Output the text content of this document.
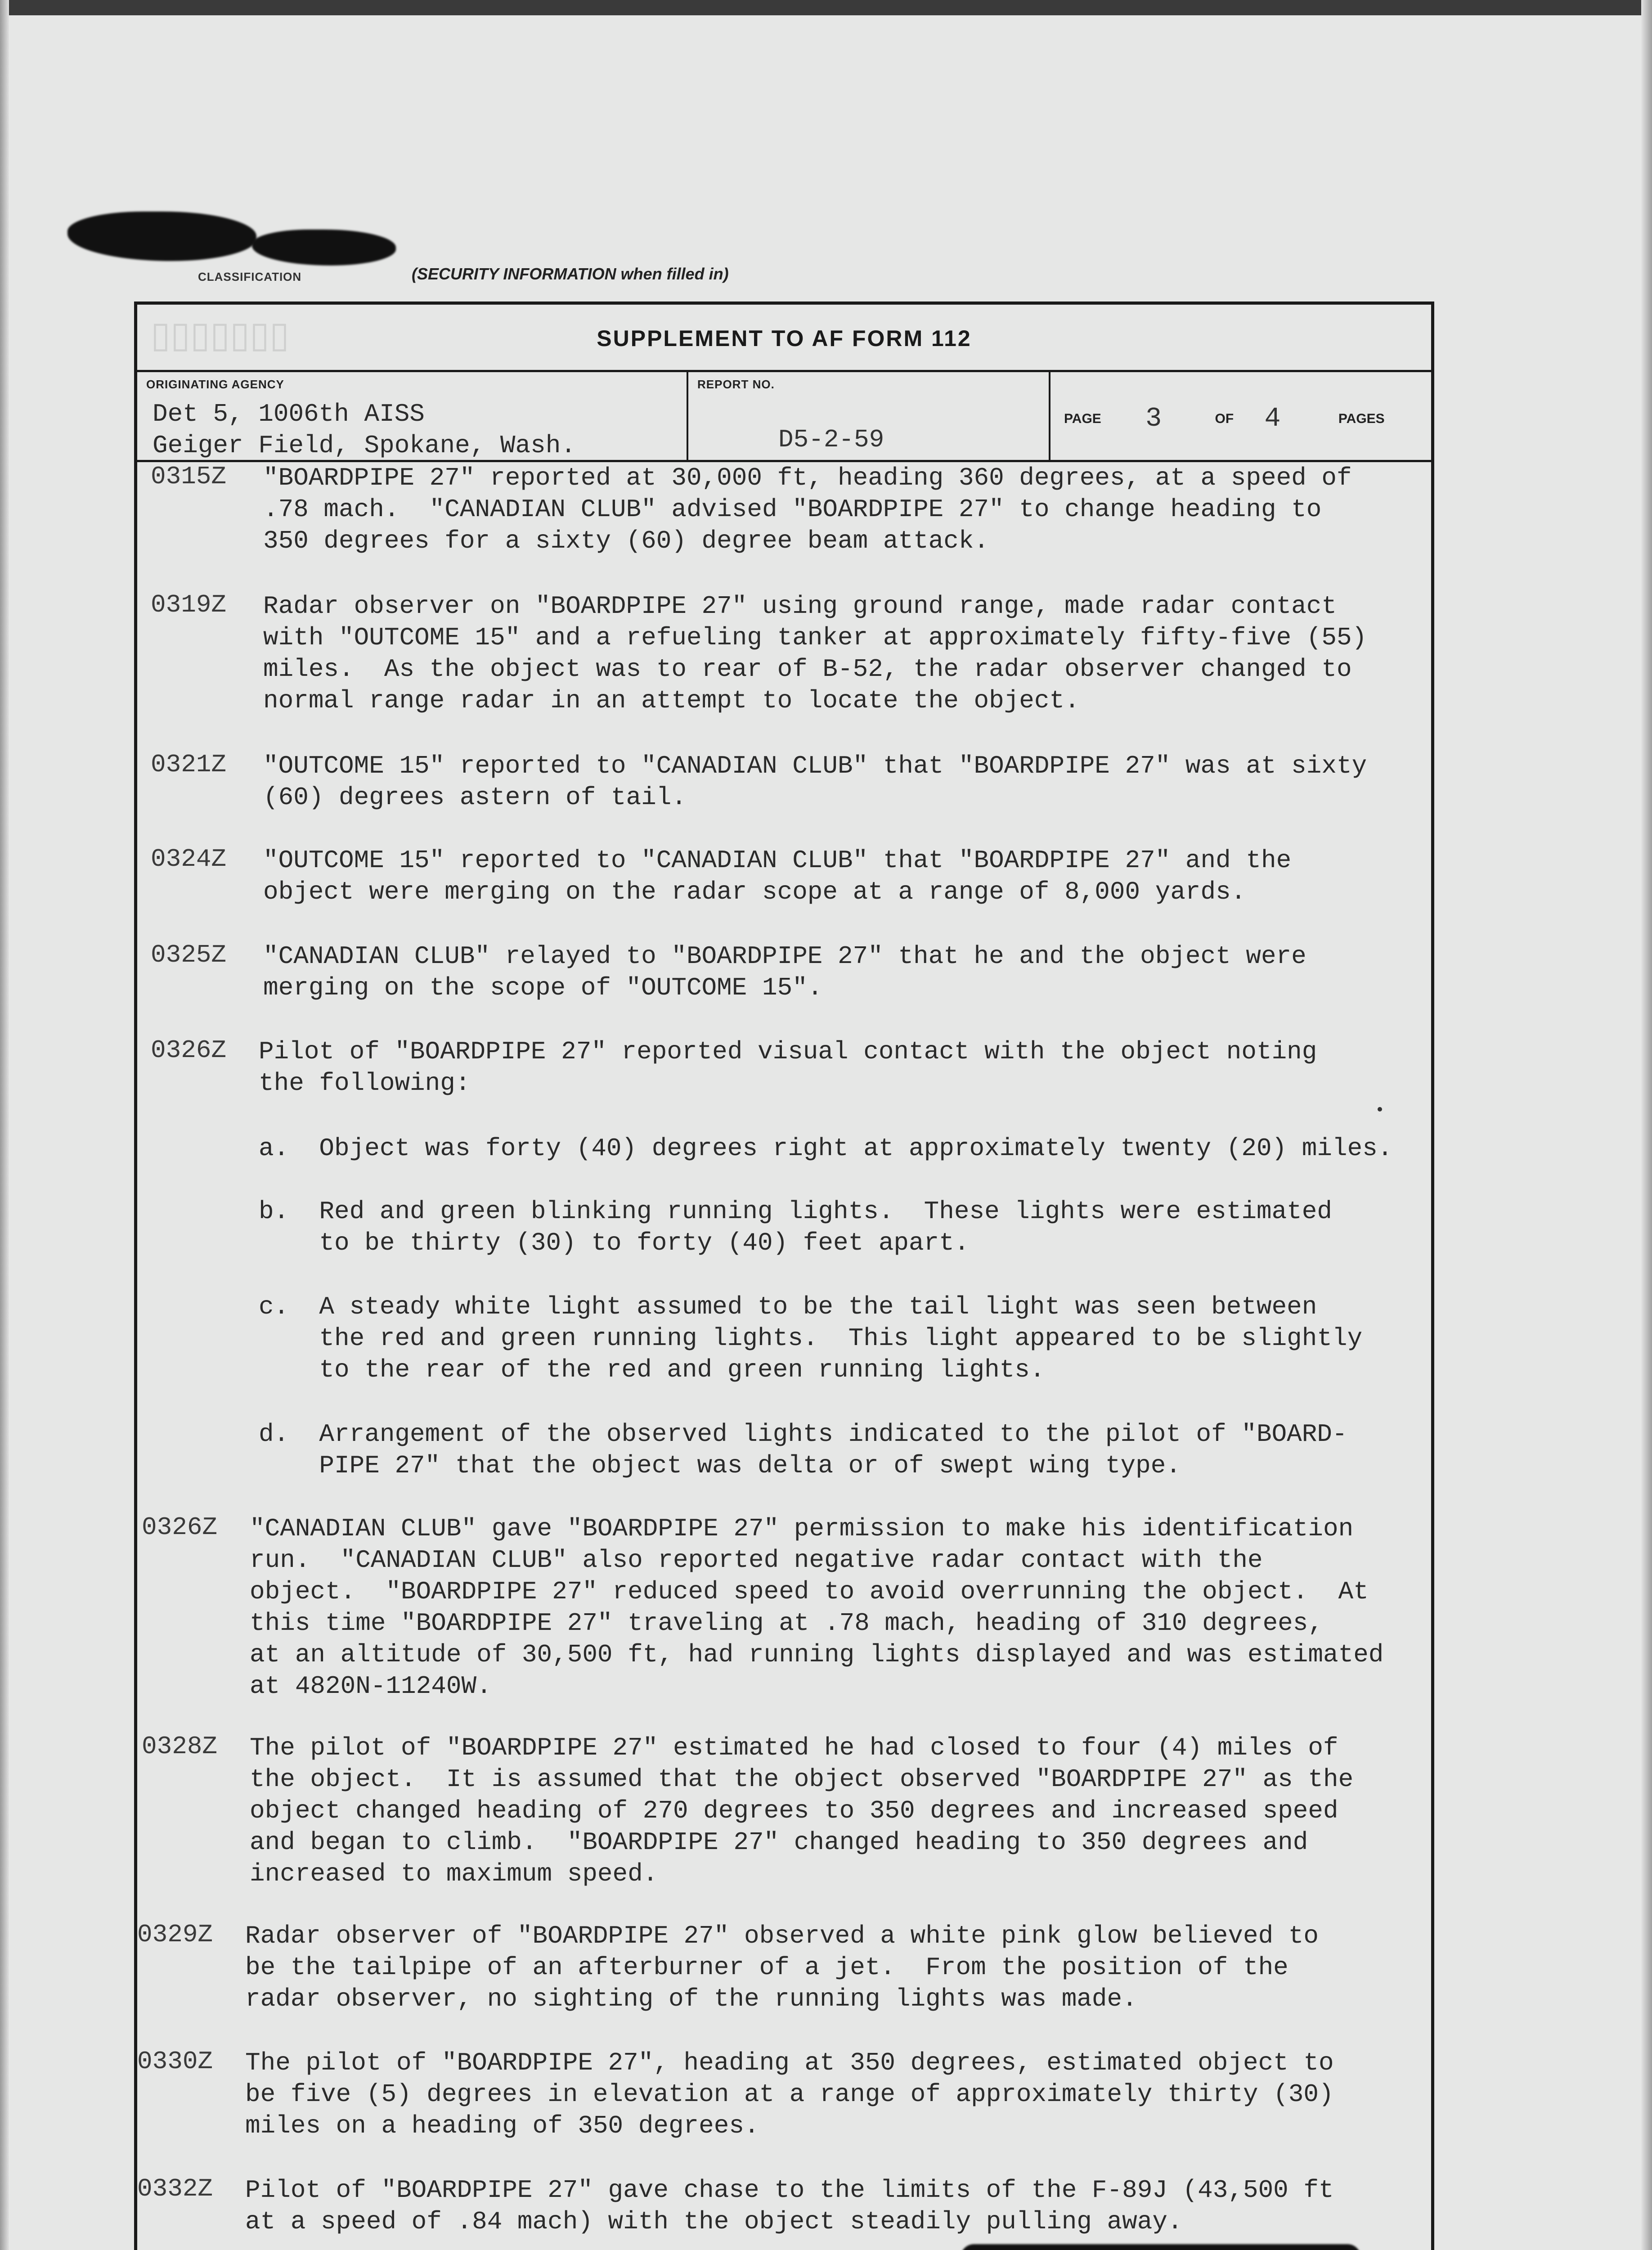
CLASSIFICATION	(SECURITY INFORMATION when filled in)
▯▯▯▯▯▯▯	SUPPLEMENT TO AF FORM 112
ORIGINATING AGENCY
Det 5, 1006th AISS
Geiger Field, Spokane, Wash.
REPORT NO.
D5-2-59
PAGE 3	OF 4	PAGES
0315Z "BOARDPIPE 27" reported at 30,000 ft, heading 360 degrees, at a speed of
.78 mach.  "CANADIAN CLUB" advised "BOARDPIPE 27" to change heading to
350 degrees for a sixty (60) degree beam attack.
0319Z Radar observer on "BOARDPIPE 27" using ground range, made radar contact
with "OUTCOME 15" and a refueling tanker at approximately fifty-five (55)
miles.  As the object was to rear of B-52, the radar observer changed to
normal range radar in an attempt to locate the object.
0321Z "OUTCOME 15" reported to "CANADIAN CLUB" that "BOARDPIPE 27" was at sixty
(60) degrees astern of tail.
0324Z "OUTCOME 15" reported to "CANADIAN CLUB" that "BOARDPIPE 27" and the
object were merging on the radar scope at a range of 8,000 yards.
0325Z "CANADIAN CLUB" relayed to "BOARDPIPE 27" that he and the object were
merging on the scope of "OUTCOME 15".
0326Z Pilot of "BOARDPIPE 27" reported visual contact with the object noting
the following:
a.  Object was forty (40) degrees right at approximately twenty (20) miles.
b.  Red and green blinking running lights.  These lights were estimated
to be thirty (30) to forty (40) feet apart.
c.  A steady white light assumed to be the tail light was seen between
the red and green running lights.  This light appeared to be slightly
to the rear of the red and green running lights.
d.  Arrangement of the observed lights indicated to the pilot of "BOARD-
PIPE 27" that the object was delta or of swept wing type.
0326Z "CANADIAN CLUB" gave "BOARDPIPE 27" permission to make his identification
run.  "CANADIAN CLUB" also reported negative radar contact with the
object.  "BOARDPIPE 27" reduced speed to avoid overrunning the object.  At
this time "BOARDPIPE 27" traveling at .78 mach, heading of 310 degrees,
at an altitude of 30,500 ft, had running lights displayed and was estimated
at 4820N-11240W.
0328Z The pilot of "BOARDPIPE 27" estimated he had closed to four (4) miles of
the object.  It is assumed that the object observed "BOARDPIPE 27" as the
object changed heading of 270 degrees to 350 degrees and increased speed
and began to climb.  "BOARDPIPE 27" changed heading to 350 degrees and
increased to maximum speed.
0329Z Radar observer of "BOARDPIPE 27" observed a white pink glow believed to
be the tailpipe of an afterburner of a jet.  From the position of the
radar observer, no sighting of the running lights was made.
0330Z The pilot of "BOARDPIPE 27", heading at 350 degrees, estimated object to
be five (5) degrees in elevation at a range of approximately thirty (30)
miles on a heading of 350 degrees.
0332Z Pilot of "BOARDPIPE 27" gave chase to the limits of the F-89J (43,500 ft
at a speed of .84 mach) with the object steadily pulling away.
